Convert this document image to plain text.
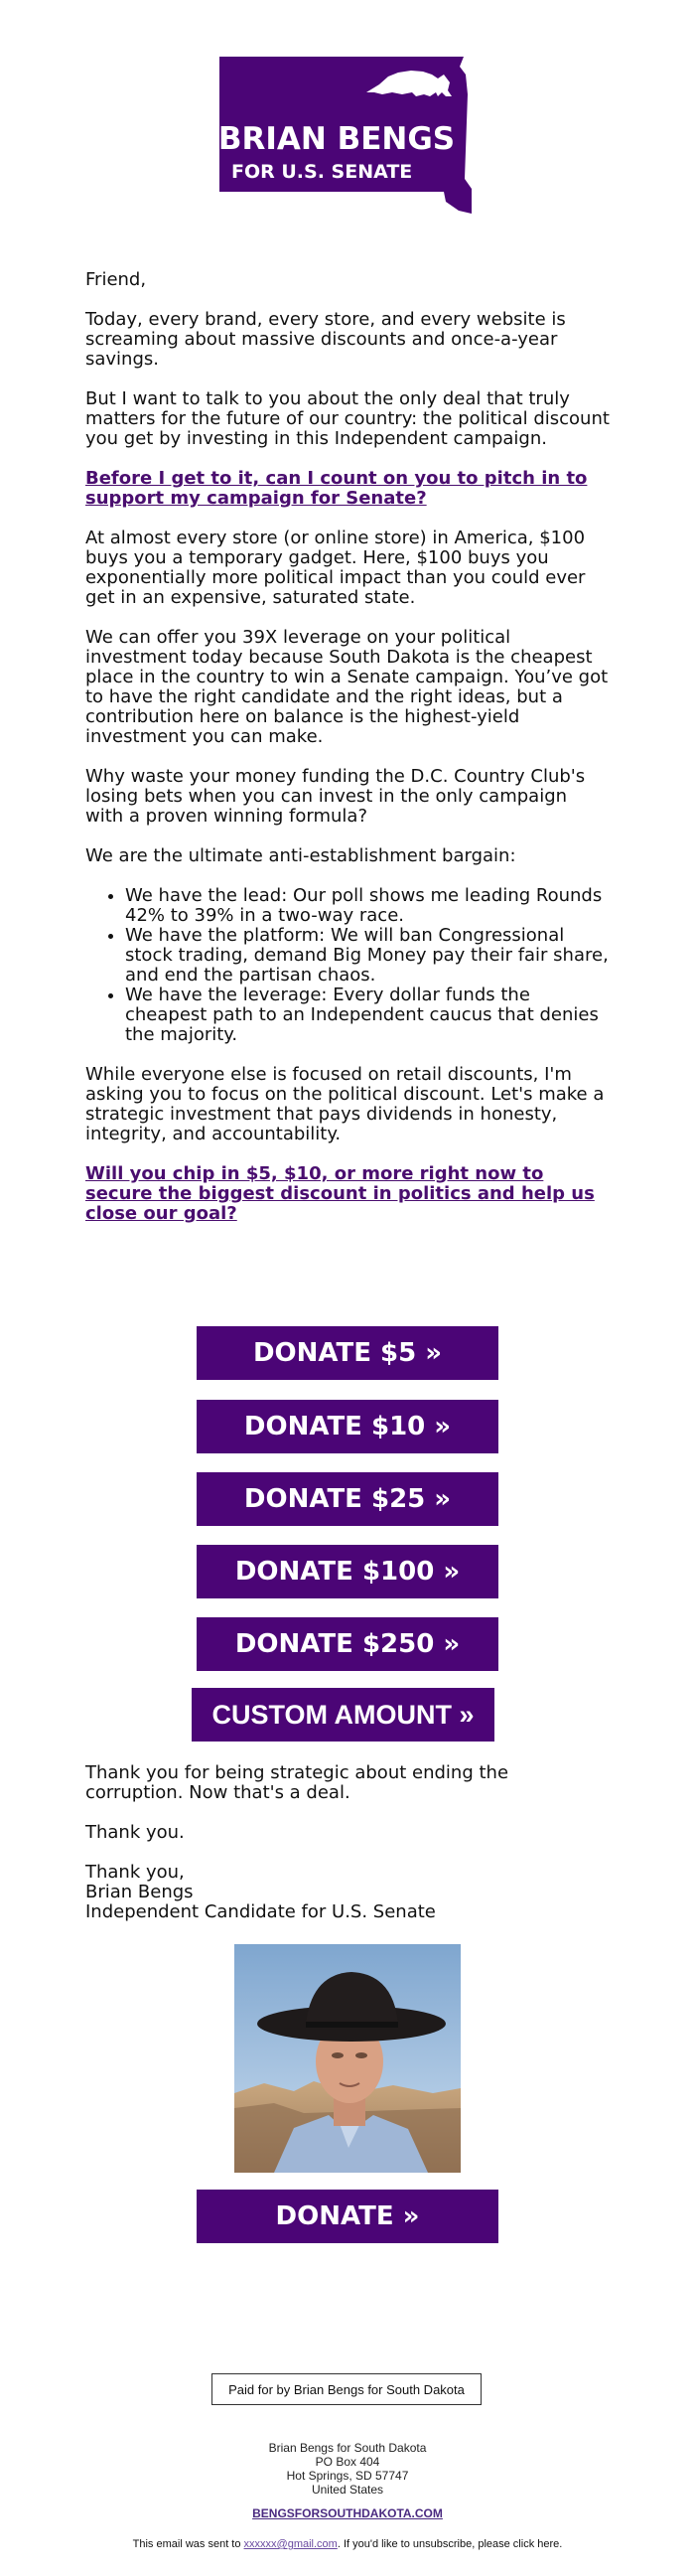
BRIAN BENGS
FOR U.S. SENATE

Friend,

Today, every brand, every store, and every website is screaming about massive discounts and once-a-year savings.

But I want to talk to you about the only deal that truly matters for the future of our country: the political discount you get by investing in this Independent campaign.

Before I get to it, can I count on you to pitch in to support my campaign for Senate?

At almost every store (or online store) in America, $100 buys you a temporary gadget. Here, $100 buys you exponentially more political impact than you could ever get in an expensive, saturated state.

We can offer you 39X leverage on your political investment today because South Dakota is the cheapest place in the country to win a Senate campaign. You’ve got to have the right candidate and the right ideas, but a contribution here on balance is the highest-yield investment you can make.

Why waste your money funding the D.C. Country Club's losing bets when you can invest in the only campaign with a proven winning formula?

We are the ultimate anti-establishment bargain:

• We have the lead: Our poll shows me leading Rounds 42% to 39% in a two-way race.
• We have the platform: We will ban Congressional stock trading, demand Big Money pay their fair share, and end the partisan chaos.
• We have the leverage: Every dollar funds the cheapest path to an Independent caucus that denies the majority.

While everyone else is focused on retail discounts, I'm asking you to focus on the political discount. Let's make a strategic investment that pays dividends in honesty, integrity, and accountability.

Will you chip in $5, $10, or more right now to secure the biggest discount in politics and help us close our goal?
DONATE $5 »
DONATE $10 »
DONATE $25 »
DONATE $100 »
DONATE $250 »
CUSTOM AMOUNT »

Thank you for being strategic about ending the corruption. Now that's a deal.

Thank you.

Thank you,
Brian Bengs
Independent Candidate for U.S. Senate
DONATE »
Paid for by Brian Bengs for South Dakota
Brian Bengs for South Dakota
PO Box 404
Hot Springs, SD 57747
United States
BENGSFORSOUTHDAKOTA.COM
This email was sent to xxxxxx@gmail.com. If you'd like to unsubscribe, please click here.
